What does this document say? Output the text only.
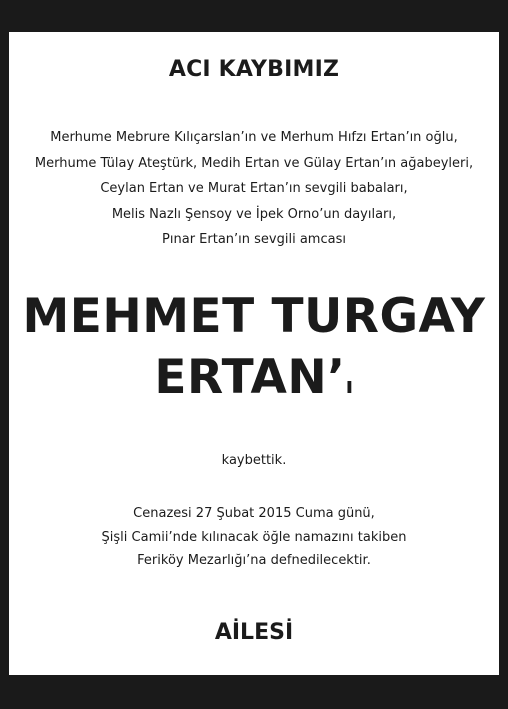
ACI KAYBIMIZ
Merhume Mebrure Kılıçarslan’ın ve Merhum Hıfzı Ertan’ın oğlu,
Merhume Tülay Ateştürk, Medih Ertan ve Gülay Ertan’ın ağabeyleri,
Ceylan Ertan ve Murat Ertan’ın sevgili babaları,
Melis Nazlı Şensoy ve İpek Orno’un dayıları,
Pınar Ertan’ın sevgili amcası
MEHMET TURGAY
ERTAN’ı
kaybettik.
Cenazesi 27 Şubat 2015 Cuma günü,
Şişli Camii’nde kılınacak öğle namazını takiben
Feriköy Mezarlığı’na defnedilecektir.
AİLESİ
